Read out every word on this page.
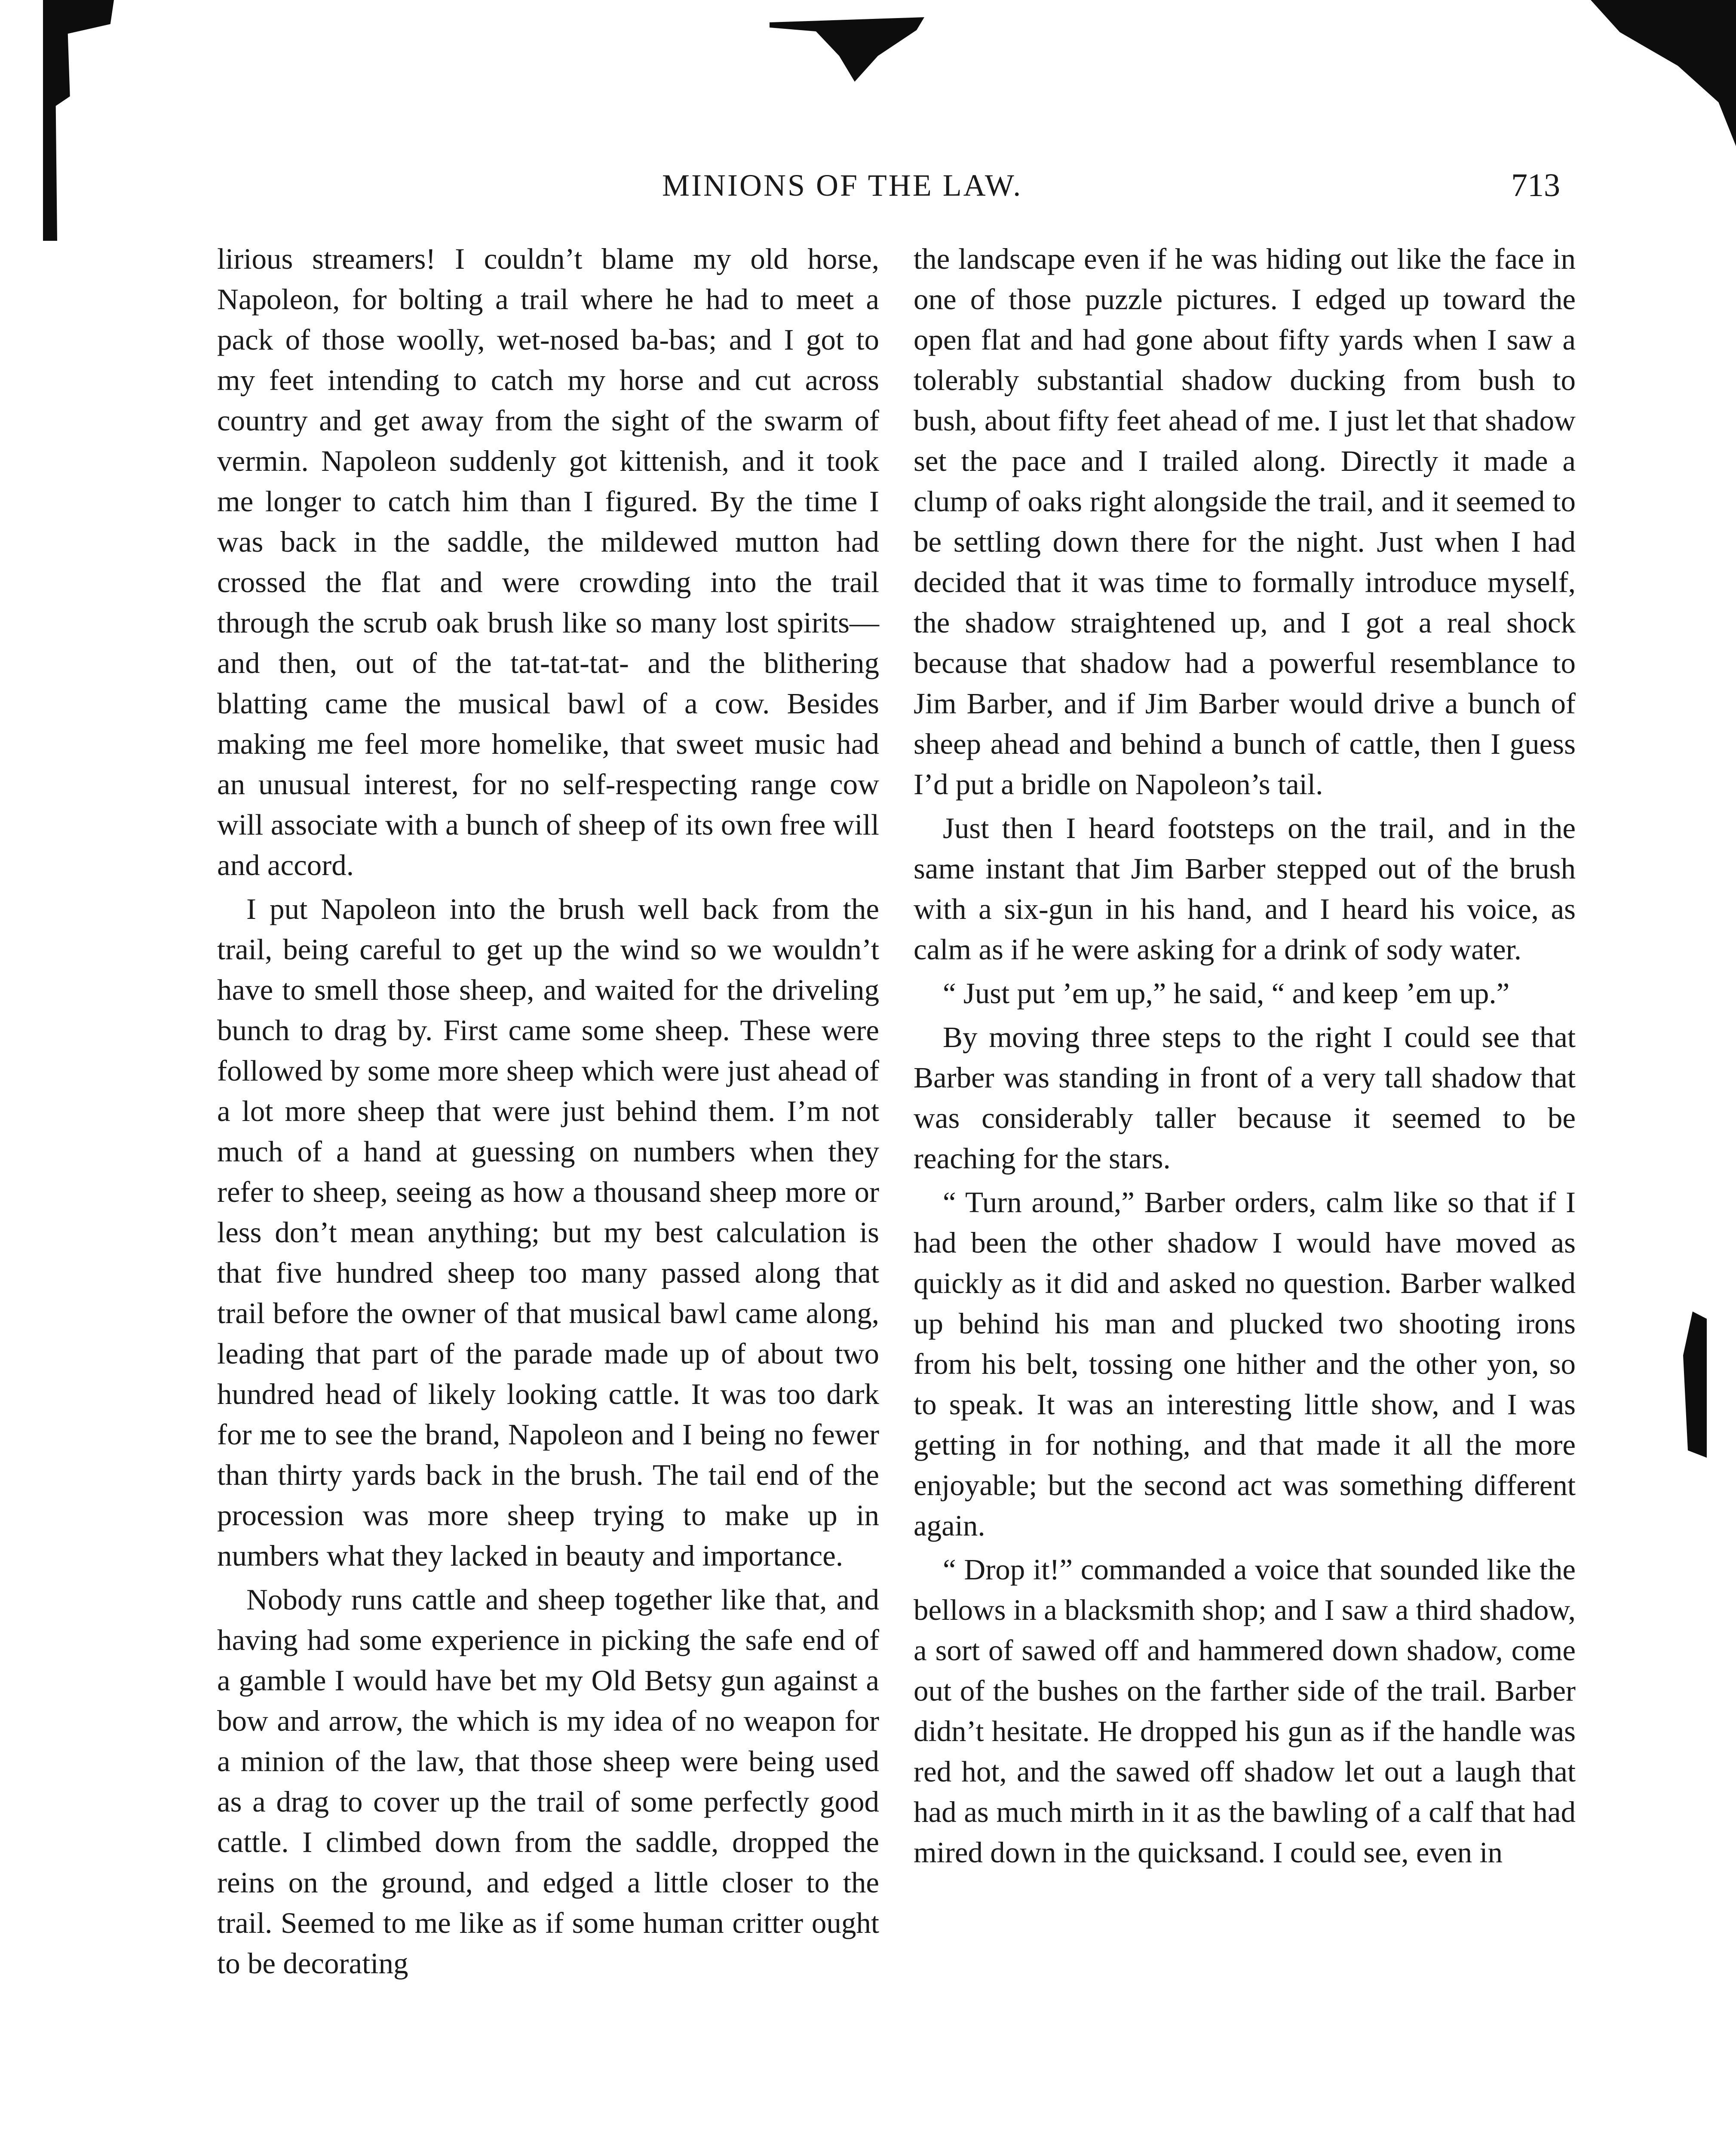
MINIONS OF THE LAW.	713

lirious streamers! I couldn’t blame my old horse, Napoleon, for bolting a trail where he had to meet a pack of those woolly, wet-nosed ba-bas; and I got to my feet intending to catch my horse and cut across country and get away from the sight of the swarm of vermin. Napoleon suddenly got kittenish, and it took me longer to catch him than I figured. By the time I was back in the saddle, the mildewed mutton had crossed the flat and were crowding into the trail through the scrub oak brush like so many lost spirits—and then, out of the tat-tat-tat- and the blithering blatting came the musical bawl of a cow. Besides making me feel more homelike, that sweet music had an unusual interest, for no self-respecting range cow will associate with a bunch of sheep of its own free will and accord.

I put Napoleon into the brush well back from the trail, being careful to get up the wind so we wouldn’t have to smell those sheep, and waited for the driveling bunch to drag by. First came some sheep. These were followed by some more sheep which were just ahead of a lot more sheep that were just behind them. I’m not much of a hand at guessing on numbers when they refer to sheep, seeing as how a thousand sheep more or less don’t mean anything; but my best calculation is that five hundred sheep too many passed along that trail before the owner of that musical bawl came along, leading that part of the parade made up of about two hundred head of likely looking cattle. It was too dark for me to see the brand, Napoleon and I being no fewer than thirty yards back in the brush. The tail end of the procession was more sheep trying to make up in numbers what they lacked in beauty and importance.

Nobody runs cattle and sheep together like that, and having had some experience in picking the safe end of a gamble I would have bet my Old Betsy gun against a bow and arrow, the which is my idea of no weapon for a minion of the law, that those sheep were being used as a drag to cover up the trail of some perfectly good cattle. I climbed down from the saddle, dropped the reins on the ground, and edged a little closer to the trail. Seemed to me like as if some human critter ought to be decorating

the landscape even if he was hiding out like the face in one of those puzzle pictures. I edged up toward the open flat and had gone about fifty yards when I saw a tolerably substantial shadow ducking from bush to bush, about fifty feet ahead of me. I just let that shadow set the pace and I trailed along. Directly it made a clump of oaks right alongside the trail, and it seemed to be settling down there for the night. Just when I had decided that it was time to formally introduce myself, the shadow straightened up, and I got a real shock because that shadow had a powerful resemblance to Jim Barber, and if Jim Barber would drive a bunch of sheep ahead and behind a bunch of cattle, then I guess I’d put a bridle on Napoleon’s tail.

Just then I heard footsteps on the trail, and in the same instant that Jim Barber stepped out of the brush with a six-gun in his hand, and I heard his voice, as calm as if he were asking for a drink of sody water.

“ Just put ’em up,” he said, “ and keep ’em up.”

By moving three steps to the right I could see that Barber was standing in front of a very tall shadow that was considerably taller because it seemed to be reaching for the stars.

“ Turn around,” Barber orders, calm like so that if I had been the other shadow I would have moved as quickly as it did and asked no question. Barber walked up behind his man and plucked two shooting irons from his belt, tossing one hither and the other yon, so to speak. It was an interesting little show, and I was getting in for nothing, and that made it all the more enjoyable; but the second act was something different again.

“ Drop it!” commanded a voice that sounded like the bellows in a blacksmith shop; and I saw a third shadow, a sort of sawed off and hammered down shadow, come out of the bushes on the farther side of the trail. Barber didn’t hesitate. He dropped his gun as if the handle was red hot, and the sawed off shadow let out a laugh that had as much mirth in it as the bawling of a calf that had mired down in the quicksand. I could see, even in
